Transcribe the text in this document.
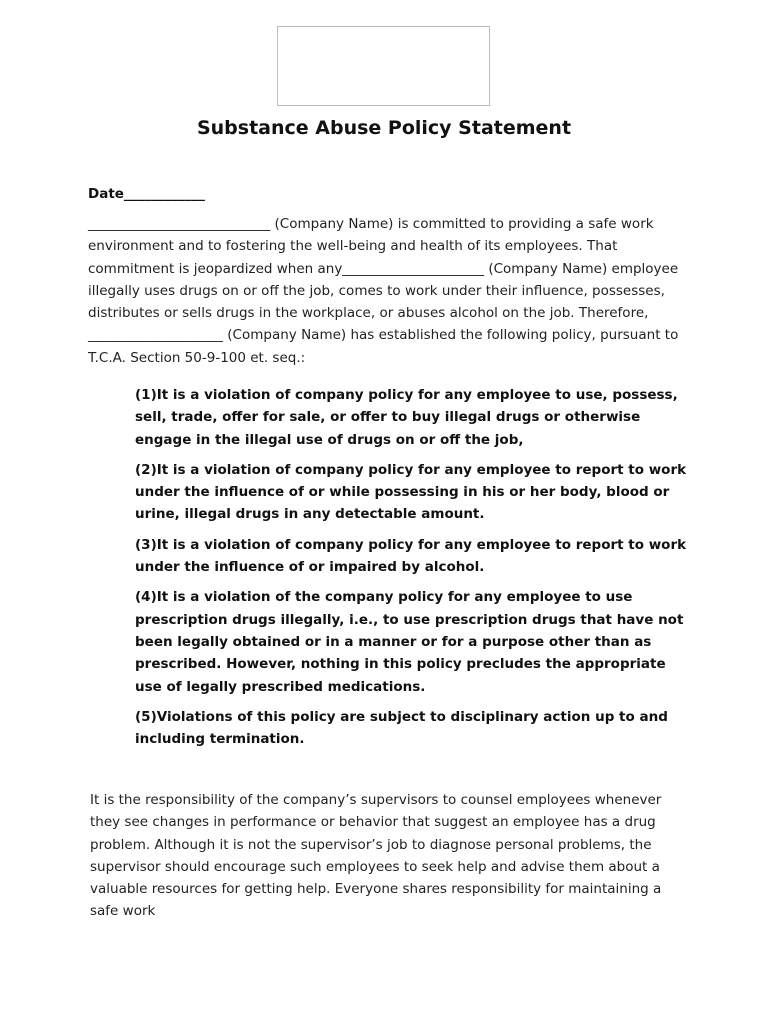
Substance Abuse Policy Statement
Date____________

___________________________ (Company Name) is committed to providing a safe work environment and to fostering the well-being and health of its employees. That commitment is jeopardized when any_____________________ (Company Name) employee illegally uses drugs on or off the job, comes to work under their influence, possesses, distributes or sells drugs in the workplace, or abuses alcohol on the job. Therefore, ____________________ (Company Name) has established the following policy, pursuant to T.C.A. Section 50-9-100 et. seq.:

(1)It is a violation of company policy for any employee to use, possess, sell, trade, offer for sale, or offer to buy illegal drugs or otherwise engage in the illegal use of drugs on or off the job,
(2)It is a violation of company policy for any employee to report to work under the influence of or while possessing in his or her body, blood or urine, illegal drugs in any detectable amount.
(3)It is a violation of company policy for any employee to report to work under the influence of or impaired by alcohol.
(4)It is a violation of the company policy for any employee to use prescription drugs illegally, i.e., to use prescription drugs that have not been legally obtained or in a manner or for a purpose other than as prescribed. However, nothing in this policy precludes the appropriate use of legally prescribed medications.
(5)Violations of this policy are subject to disciplinary action up to and including termination.

It is the responsibility of the company’s supervisors to counsel employees whenever they see changes in performance or behavior that suggest an employee has a drug problem. Although it is not the supervisor’s job to diagnose personal problems, the supervisor should encourage such employees to seek help and advise them about a valuable resources for getting help. Everyone shares responsibility for maintaining a safe work
